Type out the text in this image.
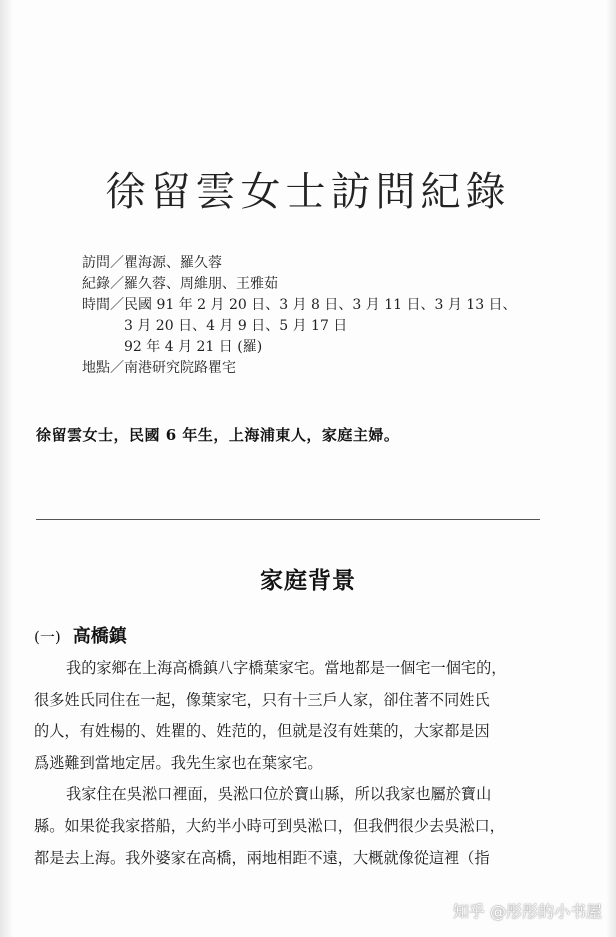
徐留雲女士訪問紀錄
訪問／瞿海源、羅久蓉
紀錄／羅久蓉、周維朋、王雅茹
時間／民國 91 年 2 月 20 日、3 月 8 日、3 月 11 日、3 月 13 日、
3 月 20 日、4 月 9 日、5 月 17 日
92 年 4 月 21 日 (羅)
地點／南港研究院路瞿宅
徐留雲女士，民國 6 年生，上海浦東人，家庭主婦。
家庭背景
(一) 高橋鎮
我的家鄉在上海高橋鎮八字橋葉家宅。當地都是一個宅一個宅的，
很多姓氏同住在一起，像葉家宅，只有十三戶人家，卻住著不同姓氏
的人，有姓楊的、姓瞿的、姓范的，但就是沒有姓葉的，大家都是因
爲逃難到當地定居。我先生家也在葉家宅。
我家住在吳淞口裡面，吳淞口位於寶山縣，所以我家也屬於寶山
縣。如果從我家搭船，大約半小時可到吳淞口，但我們很少去吳淞口，
都是去上海。我外婆家在高橋，兩地相距不遠，大概就像從這裡（指
知乎 @彤彤的小书屋
